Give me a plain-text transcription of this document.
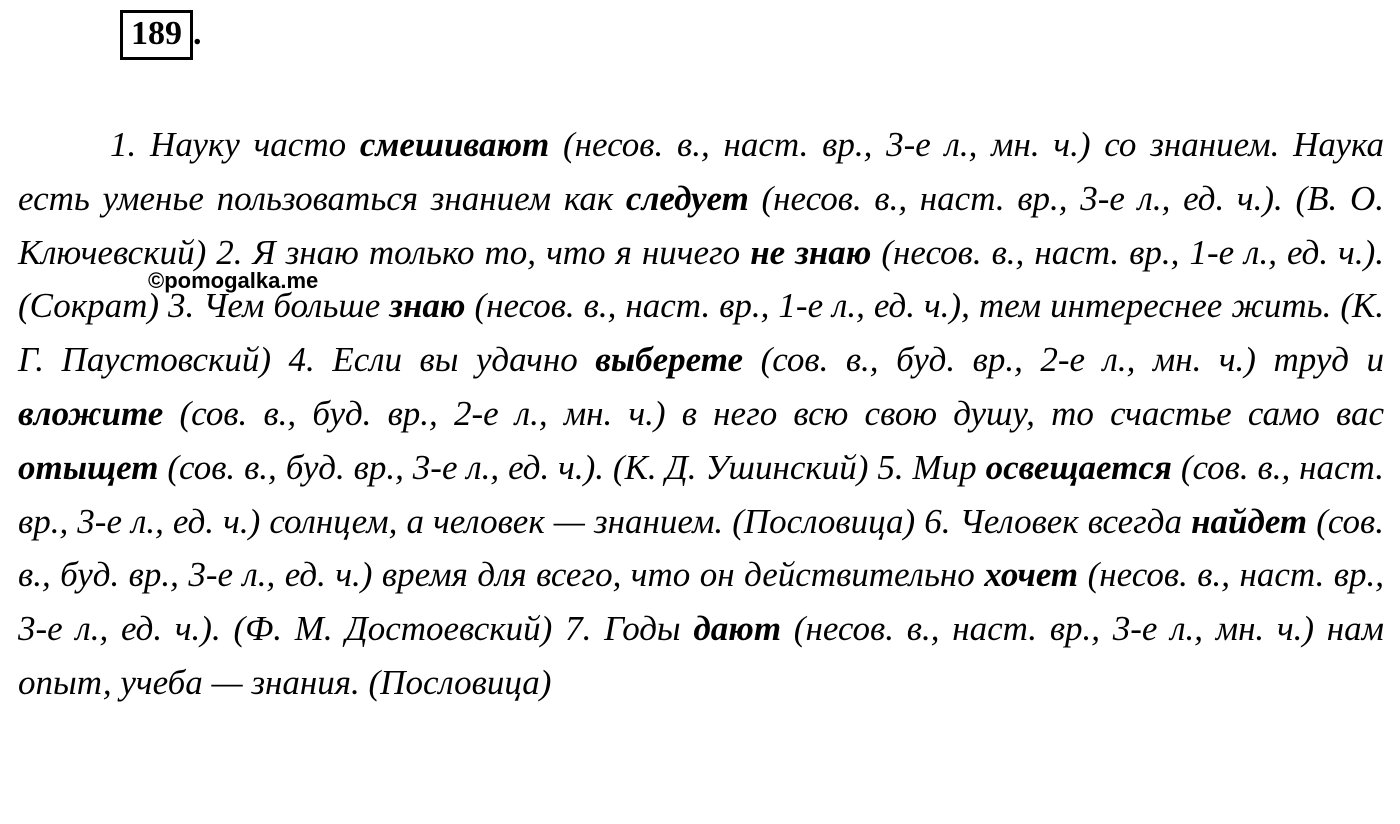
189 .

1. Науку часто смешивают (несов. в., наст. вр., 3-е л., мн. ч.) со знанием. Наука есть уменье пользоваться знанием как следует (несов. в., наст. вр., 3-е л., ед. ч.). (В. О. Ключевский) 2. Я знаю только то, что я ничего не знаю (несов. в., наст. вр., 1-е л., ед. ч.). (Сократ) 3. Чем больше знаю (несов. в., наст. вр., 1-е л., ед. ч.), тем интереснее жить. (К. Г. Паустовский) 4. Если вы удачно выберете (сов. в., буд. вр., 2-е л., мн. ч.) труд и вложите (сов. в., буд. вр., 2-е л., мн. ч.) в него всю свою душу, то счастье само вас отыщет (сов. в., буд. вр., 3-е л., ед. ч.). (К. Д. Ушинский) 5. Мир освещается (сов. в., наст. вр., 3-е л., ед. ч.) солнцем, а человек — знанием. (Пословица) 6. Человек всегда найдет (сов. в., буд. вр., 3-е л., ед. ч.) время для всего, что он действительно хочет (несов. в., наст. вр., 3-е л., ед. ч.). (Ф. М. Достоевский) 7. Годы дают (несов. в., наст. вр., 3-е л., мн. ч.) нам опыт, учеба — знания. (Пословица)

©pomogalka.me
